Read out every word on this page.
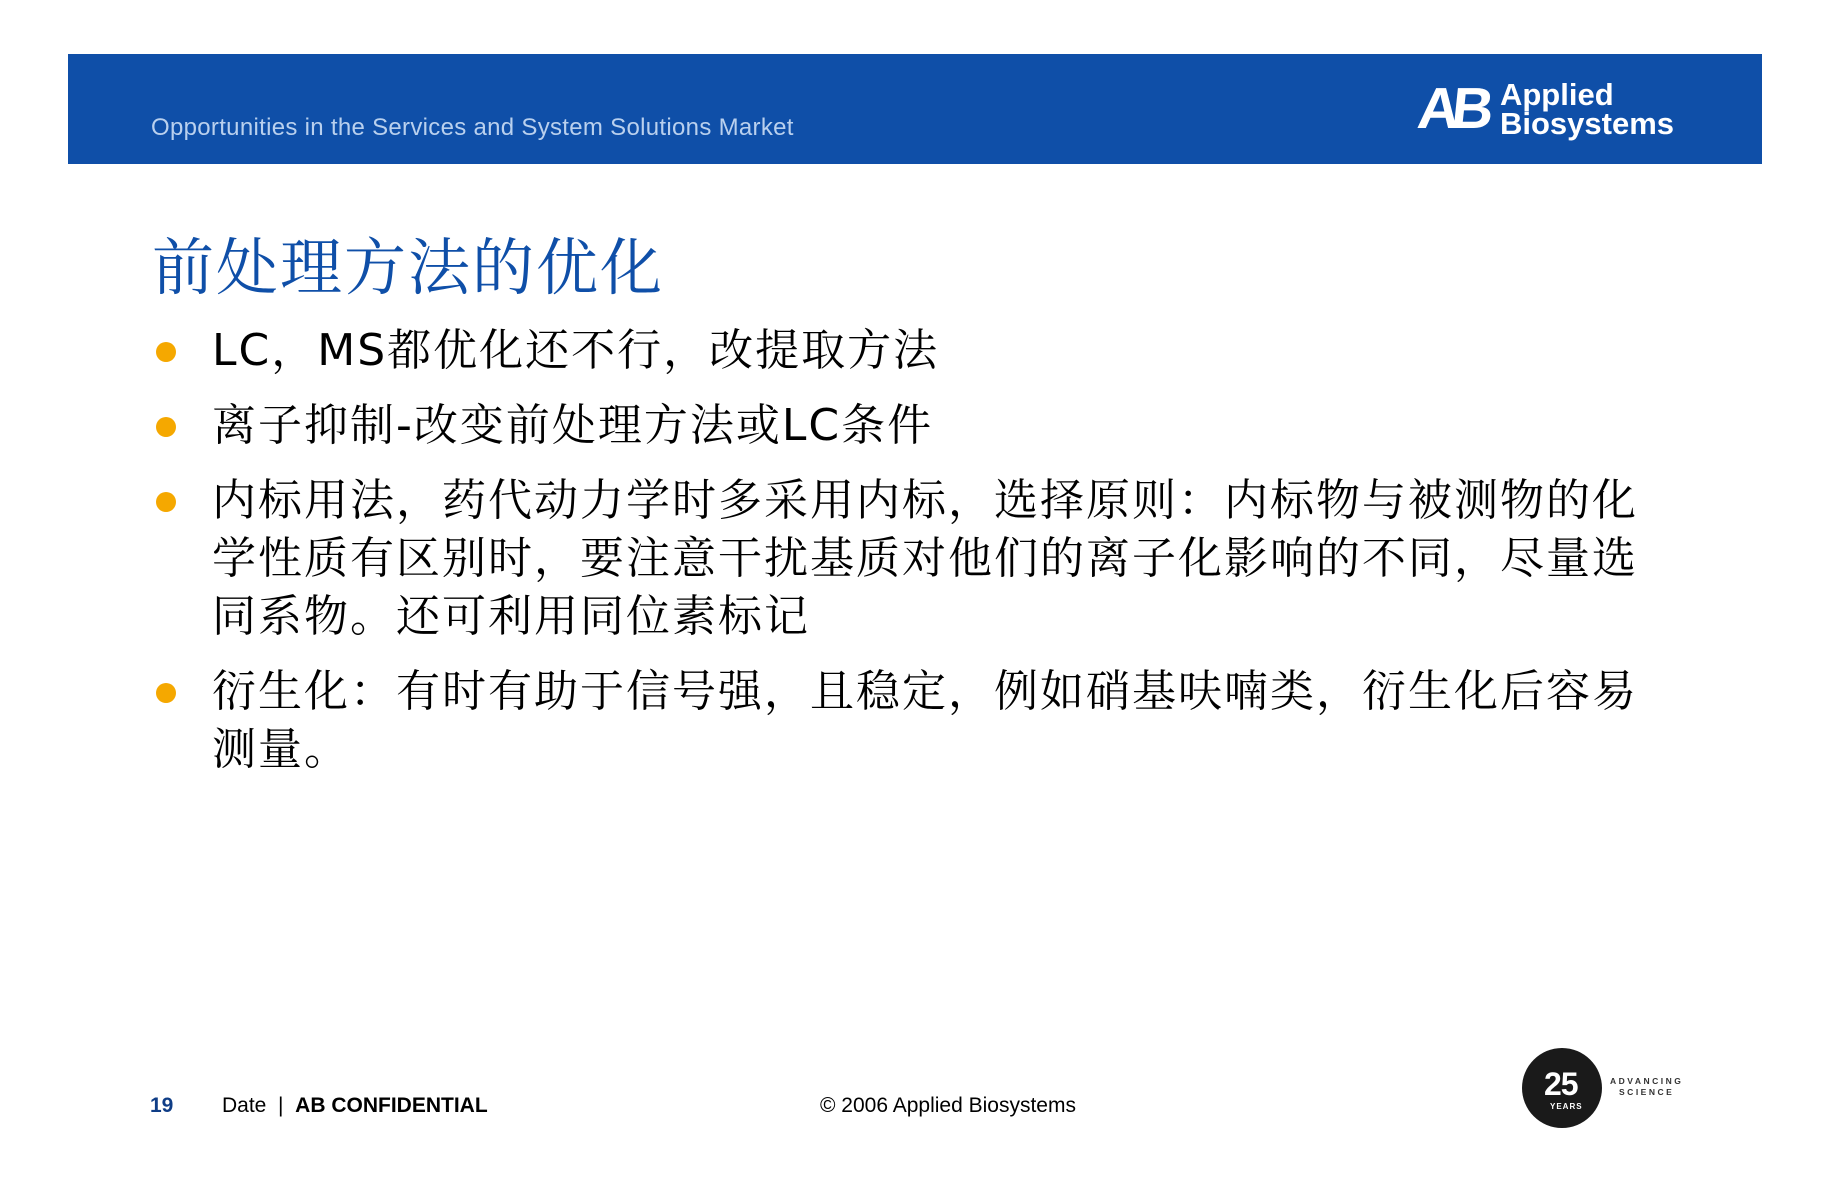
Opportunities in the Services and System Solutions Market	AB Applied
Biosystems
前处理方法的优化
LC，MS都优化还不行，改提取方法
离子抑制-改变前处理方法或LC条件
内标用法，药代动力学时多采用内标，选择原则：内标物与被测物的化学性质有区别时，要注意干扰基质对他们的离子化影响的不同，尽量选同系物。还可利用同位素标记
衍生化：有时有助于信号强，且稳定，例如硝基呋喃类，衍生化后容易测量。
19 Date | AB CONFIDENTIAL	© 2006 Applied Biosystems
25
YEARS
ADVANCING
SCIENCE
